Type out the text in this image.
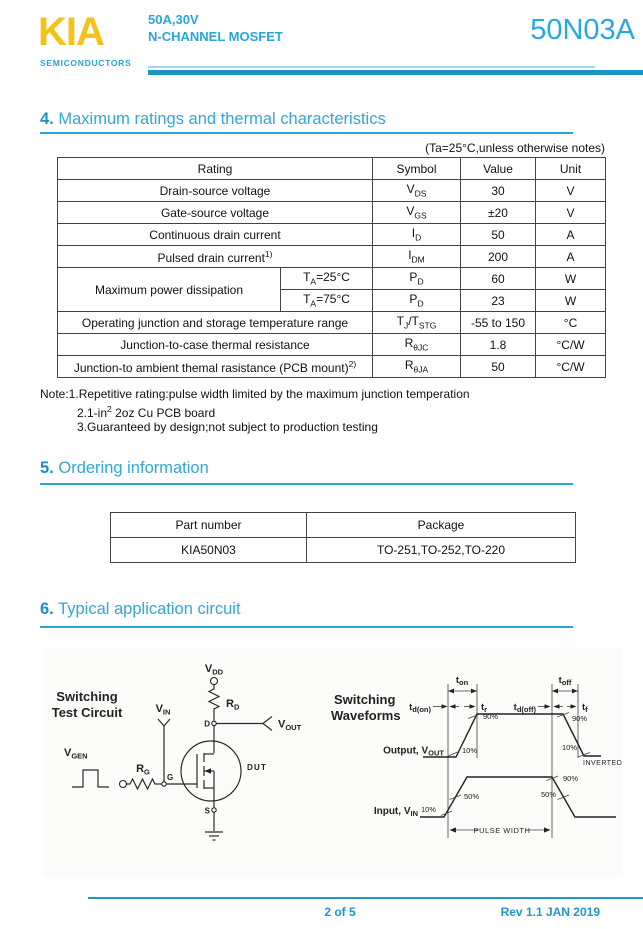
KIA
SEMICONDUCTORS
50A,30V
N-CHANNEL MOSFET	50N03A
4. Maximum ratings and thermal characteristics
(Ta=25°C,unless otherwise notes)
Rating		Symbol	Value	Unit
Drain-source voltage		$V_{DS}$	30	V
Gate-source voltage		$V_{GS}$	±20	V
Continuous drain current		$I_D$	50	A
Pulsed drain current$^{1)}$		$I_{DM}$	200	A
Maximum power dissipation	$T_A=25^\circ C$	$P_D$	60	W
	$T_A=75^\circ C$	$P_D$	23	W
Operating junction and storage temperature range		$T_J/T_{STG}$	-55 to 150	°C
Junction-to-case thermal resistance		$R_{\theta JC}$	1.8	°C/W
Junction-to ambient themal rasistance (PCB mount)$^{2)}$		$R_{\theta JA}$	50	°C/W
Note:1.Repetitive rating:pulse width limited by the maximum junction temperation
$2.1-in^2$ 2oz Cu PCB board
3.Guaranteed by design;not subject to production testing
5. Ordering information
Part number	Package
KIA50N03	TO-251,TO-252,TO-220
6. Typical application circuit
Switching
Test Circuit
$V_{DD}$
$R_D$
D	$V_{OUT}$
DUT
G
$R_G$
$V_{IN}$
$V_{GEN}$
S
Switching
Waveforms
$t_{on}$	$t_{off}$
$t_{d(on)}$	$t_r$	$t_{d(off)}$	$t_f$
Output, $V_{OUT}$
90%
10%
90%
10%
INVERTED
Input, $V_{IN}$ 10%
50%	50%
90%
PULSE WIDTH
2 of 5	Rev 1.1 JAN 2019
